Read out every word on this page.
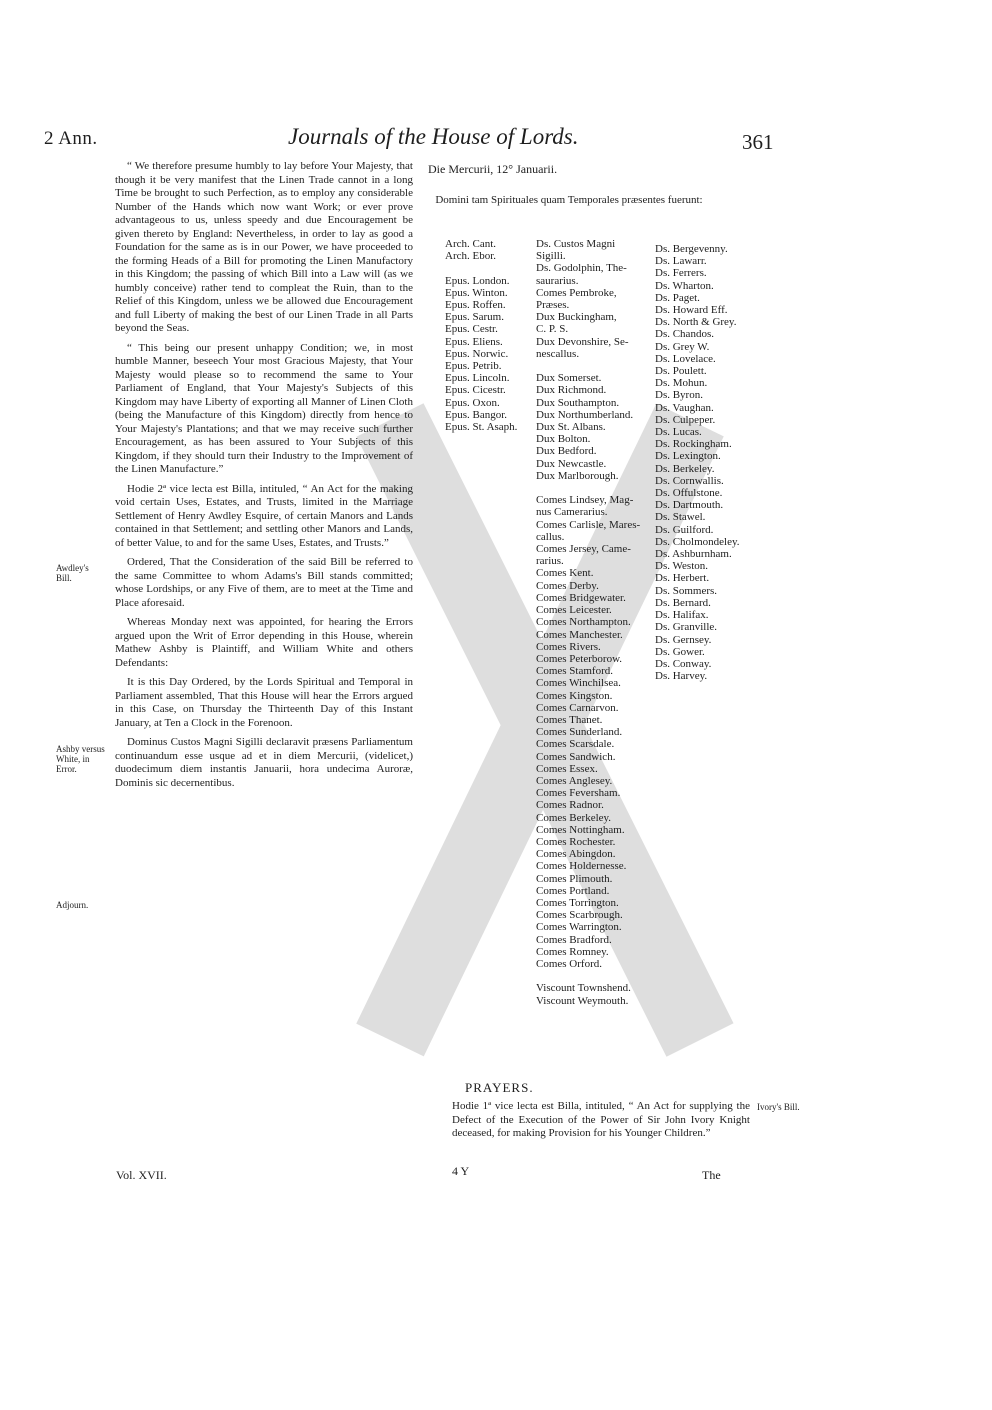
2 Ann.	Journals of the House of Lords.	361

“ We therefore presume humbly to lay before Your Majesty, that though it be very manifest that the Linen Trade cannot in a long Time be brought to such Perfection, as to employ any considerable Number of the Hands which now want Work; or ever prove advantageous to us, unless speedy and due Encouragement be given thereto by England: Nevertheless, in order to lay as good a Foundation for the same as is in our Power, we have proceeded to the forming Heads of a Bill for promoting the Linen Manufactory in this Kingdom; the passing of which Bill into a Law will (as we humbly conceive) rather tend to compleat the Ruin, than to the Relief of this Kingdom, unless we be allowed due Encouragement and full Liberty of making the best of our Linen Trade in all Parts beyond the Seas.

“ This being our present unhappy Condition; we, in most humble Manner, beseech Your most Gracious Majesty, that Your Majesty would please so to recommend the same to Your Parliament of England, that Your Majesty's Subjects of this Kingdom may have Liberty of exporting all Manner of Linen Cloth (being the Manufacture of this Kingdom) directly from hence to Your Majesty's Plantations; and that we may receive such further Encouragement, as has been assured to Your Subjects of this Kingdom, if they should turn their Industry to the Improvement of the Linen Manufacture.”

Hodie 2ª vice lecta est Billa, intituled, “ An Act for the making void certain Uses, Estates, and Trusts, limited in the Marriage Settlement of Henry Awdley Esquire, of certain Manors and Lands contained in that Settlement; and settling other Manors and Lands, of better Value, to and for the same Uses, Estates, and Trusts.”

Ordered, That the Consideration of the said Bill be referred to the same Committee to whom Adams's Bill stands committed; whose Lordships, or any Five of them, are to meet at the Time and Place aforesaid.

Whereas Monday next was appointed, for hearing the Errors argued upon the Writ of Error depending in this House, wherein Mathew Ashby is Plaintiff, and William White and others Defendants:

It is this Day Ordered, by the Lords Spiritual and Temporal in Parliament assembled, That this House will hear the Errors argued in this Case, on Thursday the Thirteenth Day of this Instant January, at Ten a Clock in the Forenoon.

Dominus Custos Magni Sigilli declaravit præsens Parliamentum continuandum esse usque ad et in diem Mercurii, (videlicet,) duodecimum diem instantis Januarii, hora undecima Auroræ, Dominis sic decernentibus.

Awdley's Bill.
Ashby versus White, in Error.
Adjourn.
Die Mercurii, 12° Januarii.
Domini tam Spirituales quam Temporales præsentes fuerunt:
Arch. Cant.
Arch. Ebor.

Epus. London.
Epus. Winton.
Epus. Roffen.
Epus. Sarum.
Epus. Cestr.
Epus. Eliens.
Epus. Norwic.
Epus. Petrib.
Epus. Lincoln.
Epus. Cicestr.
Epus. Oxon.
Epus. Bangor.
Epus. St. Asaph.
Ds. Custos Magni
Sigilli.
Ds. Godolphin, The-
saurarius.
Comes Pembroke,
Præses.
Dux Buckingham,
C. P. S.
Dux Devonshire, Se-
nescallus.

Dux Somerset.
Dux Richmond.
Dux Southampton.
Dux Northumberland.
Dux St. Albans.
Dux Bolton.
Dux Bedford.
Dux Newcastle.
Dux Marlborough.

Comes Lindsey, Mag-
nus Camerarius.
Comes Carlisle, Mares-
callus.
Comes Jersey, Came-
rarius.
Comes Kent.
Comes Derby.
Comes Bridgewater.
Comes Leicester.
Comes Northampton.
Comes Manchester.
Comes Rivers.
Comes Peterborow.
Comes Stamford.
Comes Winchilsea.
Comes Kingston.
Comes Carnarvon.
Comes Thanet.
Comes Sunderland.
Comes Scarsdale.
Comes Sandwich.
Comes Essex.
Comes Anglesey.
Comes Feversham.
Comes Radnor.
Comes Berkeley.
Comes Nottingham.
Comes Rochester.
Comes Abingdon.
Comes Holdernesse.
Comes Plimouth.
Comes Portland.
Comes Torrington.
Comes Scarbrough.
Comes Warrington.
Comes Bradford.
Comes Romney.
Comes Orford.

Viscount Townshend.
Viscount Weymouth.
Ds. Bergevenny.
Ds. Lawarr.
Ds. Ferrers.
Ds. Wharton.
Ds. Paget.
Ds. Howard Eff.
Ds. North & Grey.
Ds. Chandos.
Ds. Grey W.
Ds. Lovelace.
Ds. Poulett.
Ds. Mohun.
Ds. Byron.
Ds. Vaughan.
Ds. Culpeper.
Ds. Lucas.
Ds. Rockingham.
Ds. Lexington.
Ds. Berkeley.
Ds. Cornwallis.
Ds. Offulstone.
Ds. Dartmouth.
Ds. Stawel.
Ds. Guilford.
Ds. Cholmondeley.
Ds. Ashburnham.
Ds. Weston.
Ds. Herbert.
Ds. Sommers.
Ds. Bernard.
Ds. Halifax.
Ds. Granville.
Ds. Gernsey.
Ds. Gower.
Ds. Conway.
Ds. Harvey.
PRAYERS.
Hodie 1ª vice lecta est Billa, intituled, “ An Act for supplying the Defect of the Execution of the Power of Sir John Ivory Knight deceased, for making Provision for his Younger Children.”
Ivory's Bill.
Vol. XVII.	4 Y	The
